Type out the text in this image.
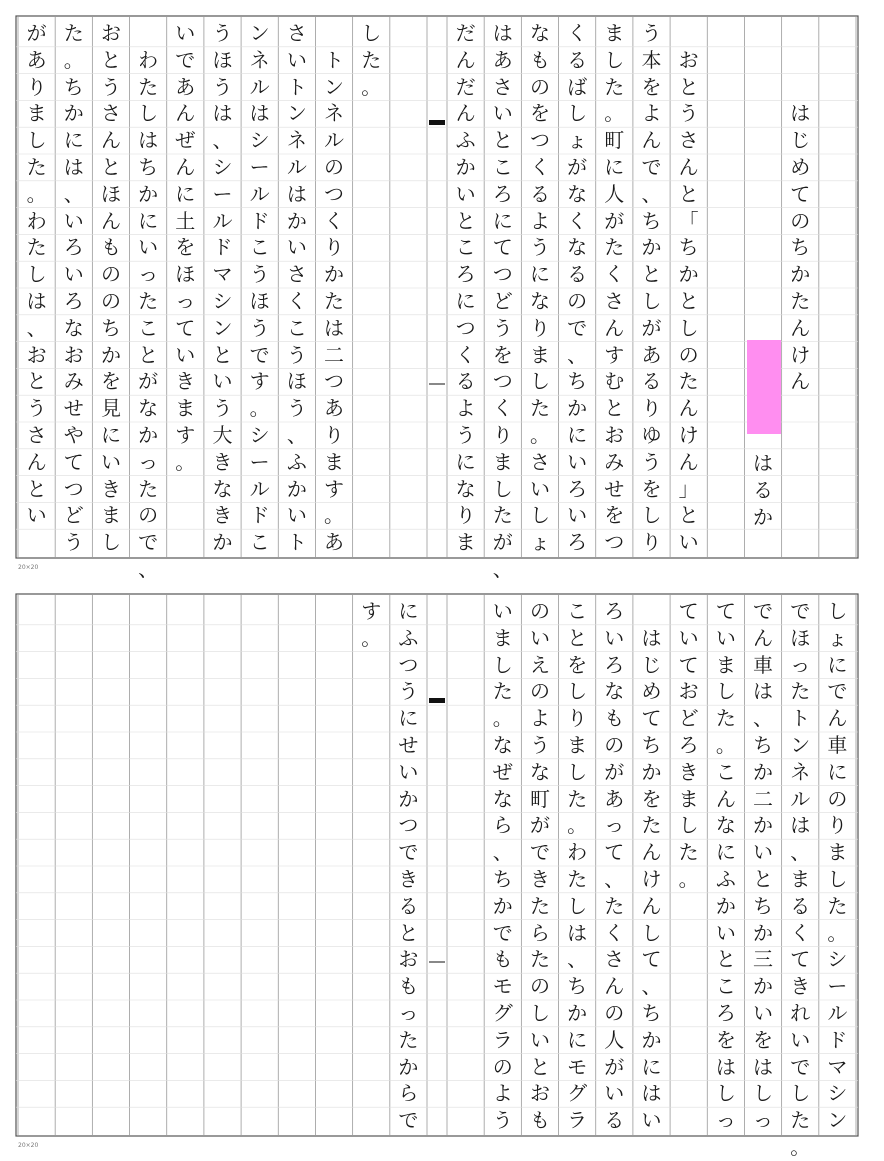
は
じ
め
て
の
ち
か
た
ん
け
ん
お
と
う
さ
ん
と
「
ち
か
と
し
の
た
ん
け
ん
」
と
い
う
本
を
よ
ん
で
、
ち
か
と
し
が
あ
る
り
ゆ
う
を
し
り
ま
し
た
。
町
に
人
が
た
く
さ
ん
す
む
と
お
み
せ
を
つ
く
る
ば
し
ょ
が
な
く
な
る
の
で
、
ち
か
に
い
ろ
い
ろ
な
も
の
を
つ
く
る
よ
う
に
な
り
ま
し
た
。
さ
い
し
ょ
は
あ
さ
い
と
こ
ろ
に
て
つ
ど
う
を
つ
く
り
ま
し
た
が
、
だ
ん
だ
ん
ふ
か
い
と
こ
ろ
に
つ
く
る
よ
う
に
な
り
ま
し
た
。
ト
ン
ネ
ル
の
つ
く
り
か
た
は
二
つ
あ
り
ま
す
。
あ
さ
い
ト
ン
ネ
ル
は
か
い
さ
く
こ
う
ほ
う
、
ふ
か
い
ト
ン
ネ
ル
は
シ
ー
ル
ド
こ
う
ほ
う
で
す
。
シ
ー
ル
ド
こ
う
ほ
う
は
、
シ
ー
ル
ド
マ
シ
ン
と
い
う
大
き
な
き
か
い
で
あ
ん
ぜ
ん
に
土
を
ほ
っ
て
い
き
ま
す
。
わ
た
し
は
ち
か
に
い
っ
た
こ
と
が
な
か
っ
た
の
で
、
お
と
う
さ
ん
と
ほ
ん
も
の
の
ち
か
を
見
に
い
き
ま
し
た
。
ち
か
に
は
、
い
ろ
い
ろ
な
お
み
せ
や
て
つ
ど
う
が
あ
り
ま
し
た
。
わ
た
し
は
、
お
と
う
さ
ん
と
い
は
る
か
20×20
し
ょ
に
で
ん
車
に
の
り
ま
し
た
。
シ
ー
ル
ド
マ
シ
ン
で
ほ
っ
た
ト
ン
ネ
ル
は
、
ま
る
く
て
き
れ
い
で
し
た
。
で
ん
車
は
、
ち
か
二
か
い
と
ち
か
三
か
い
を
は
し
っ
て
い
ま
し
た
。
こ
ん
な
に
ふ
か
い
と
こ
ろ
を
は
し
っ
て
い
て
お
ど
ろ
き
ま
し
た
。
は
じ
め
て
ち
か
を
た
ん
け
ん
し
て
、
ち
か
に
は
い
ろ
い
ろ
な
も
の
が
あ
っ
て
、
た
く
さ
ん
の
人
が
い
る
こ
と
を
し
り
ま
し
た
。
わ
た
し
は
、
ち
か
に
モ
グ
ラ
の
い
え
の
よ
う
な
町
が
で
き
た
ら
た
の
し
い
と
お
も
い
ま
し
た
。
な
ぜ
な
ら
、
ち
か
で
も
モ
グ
ラ
の
よ
う
に
ふ
つ
う
に
せ
い
か
つ
で
き
る
と
お
も
っ
た
か
ら
で
す
。
20×20
